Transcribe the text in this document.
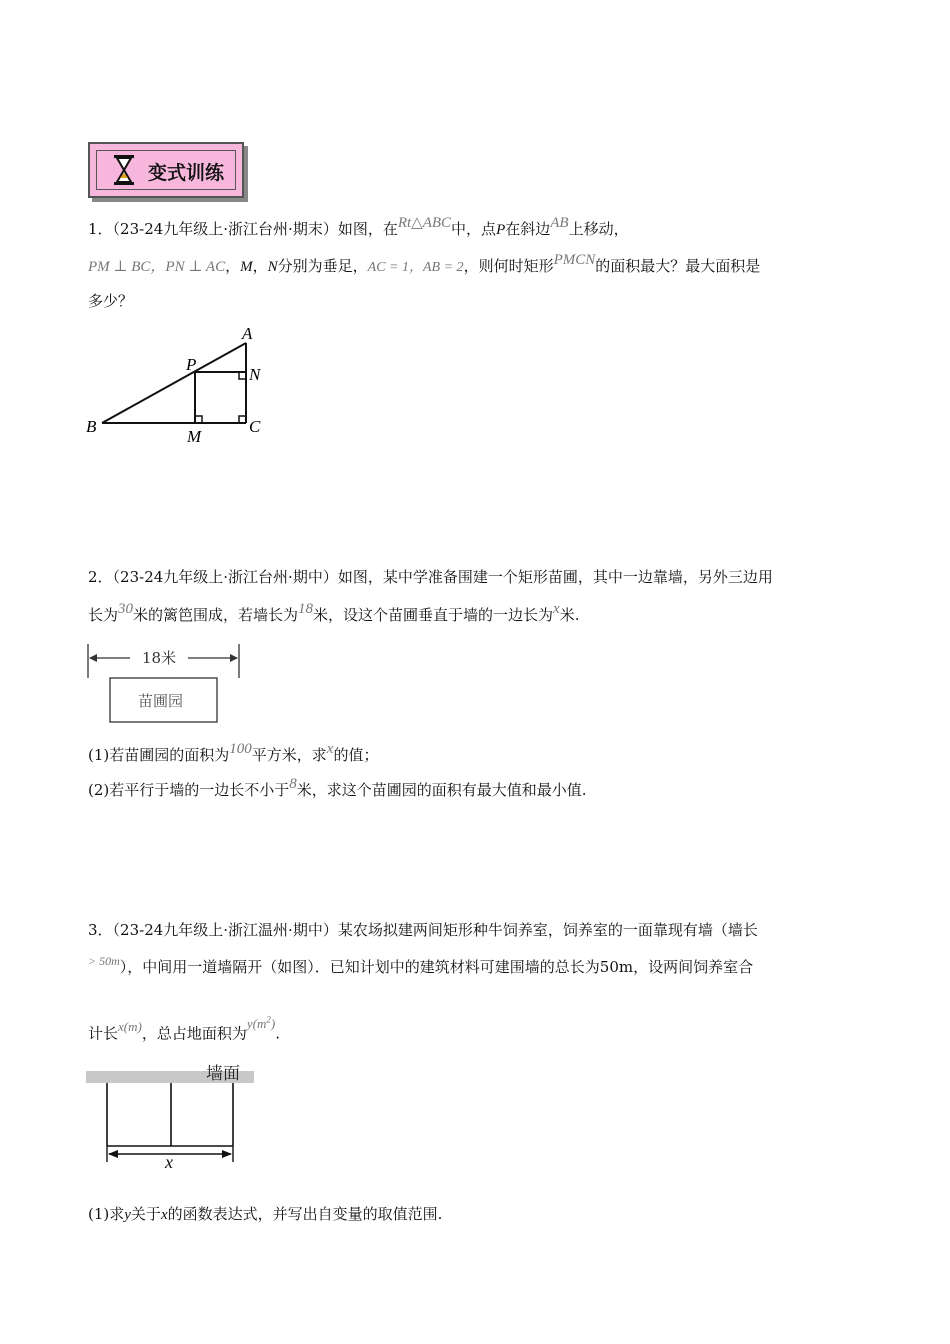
变式训练
1．（23-24九年级上·浙江台州·期末）如图，在Rt△ABC中，点P在斜边AB上移动，
PM ⊥ BC，PN ⊥ AC，M，N分别为垂足，AC = 1，AB = 2，则何时矩形PMCN的面积最大？最大面积是
多少？
A
B	C
M
N
P
2．（23-24九年级上·浙江台州·期中）如图，某中学准备围建一个矩形苗圃，其中一边靠墙，另外三边用
长为30米的篱笆围成，若墙长为18米，设这个苗圃垂直于墙的一边长为x米.
18米
苗圃园
(1)若苗圃园的面积为100平方米，求x的值；
(2)若平行于墙的一边长不小于8米，求这个苗圃园的面积有最大值和最小值.
3．（23-24九年级上·浙江温州·期中）某农场拟建两间矩形种牛饲养室，饲养室的一面靠现有墙（墙长
$^{> 50m}$），中间用一道墙隔开（如图）．已知计划中的建筑材料可建围墙的总长为50m，设两间饲养室合
计长x(m)，总占地面积为$y(m^2)$.
墙面
x
(1)求y关于x的函数表达式，并写出自变量的取值范围.
